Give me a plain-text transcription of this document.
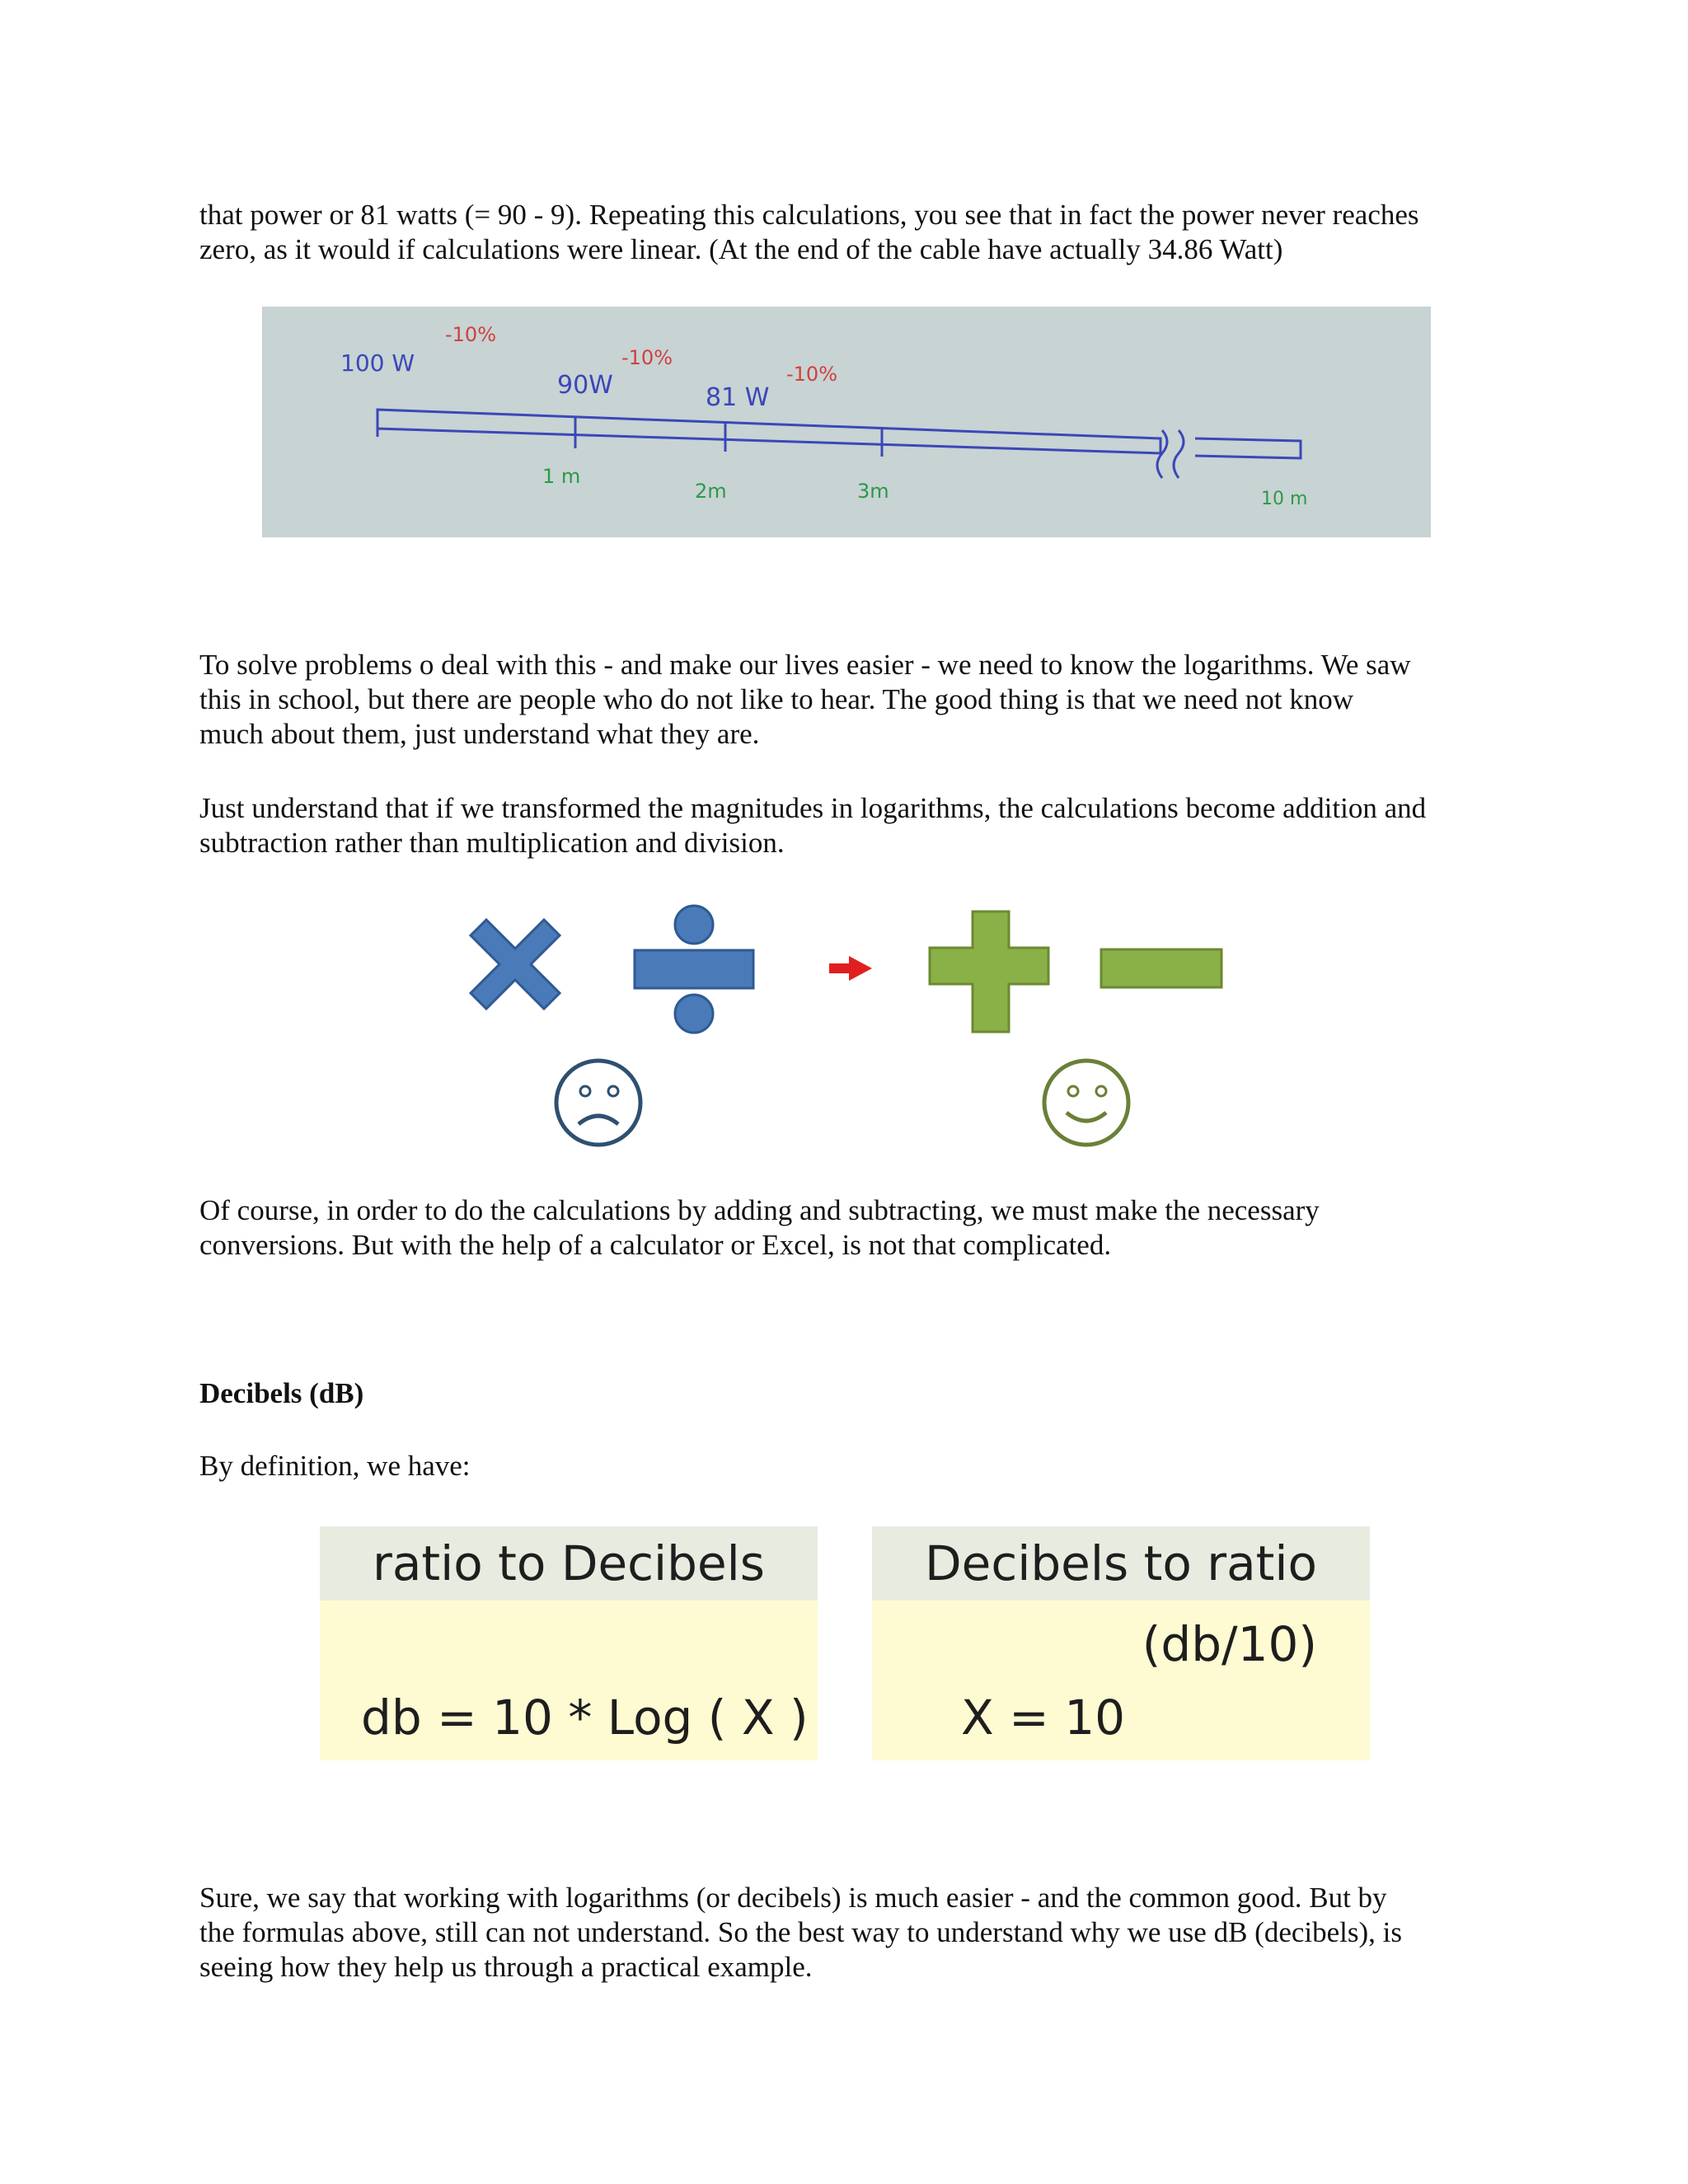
that power or 81 watts (= 90 - 9). Repeating this calculations, you see that in fact the power never reaches
zero, as it would if calculations were linear. (At the end of the cable have actually 34.86 Watt)
100 W
90W	81 W
-10%
-10%
-10%
1 m
2m	3m	10 m
To solve problems o deal with this - and make our lives easier - we need to know the logarithms. We saw
this in school, but there are people who do not like to hear. The good thing is that we need not know
much about them, just understand what they are.
Just understand that if we transformed the magnitudes in logarithms, the calculations become addition and
subtraction rather than multiplication and division.
Of course, in order to do the calculations by adding and subtracting, we must make the necessary
conversions. But with the help of a calculator or Excel, is not that complicated.
Decibels (dB)
By definition, we have:
ratio to Decibels
db = 10 * Log ( X )
Decibels to ratio
(db/10)
X = 10
Sure, we say that working with logarithms (or decibels) is much easier - and the common good. But by
the formulas above, still can not understand. So the best way to understand why we use dB (decibels), is
seeing how they help us through a practical example.
